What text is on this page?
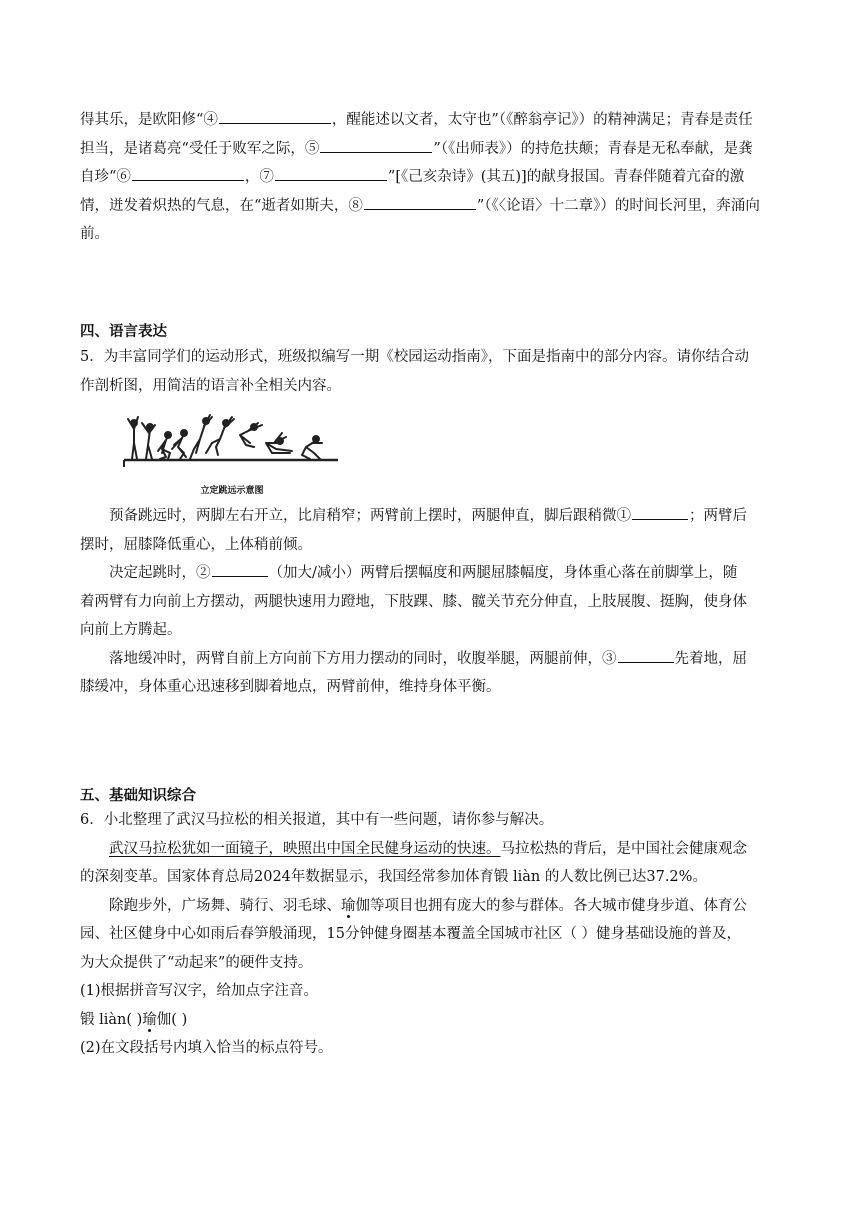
得其乐，是欧阳修“④	，醒能述以文者，太守也”（《醉翁亭记》）的精神满足；青春是责任

担当，是诸葛亮“受任于败军之际，⑤	”（《出师表》）的持危扶颠；青春是无私奉献，是龚

自珍“⑥	，⑦	”[《己亥杂诗》(其五)]的献身报国。青春伴随着亢奋的激

情，迸发着炽热的气息，在“逝者如斯夫，⑧	”（《〈论语〉十二章》）的时间长河里，奔涌向

前。

四、语言表达

5．为丰富同学们的运动形式，班级拟编写一期《校园运动指南》，下面是指南中的部分内容。请你结合动

作剖析图，用简洁的语言补全相关内容。

立定跳远示意图

预备跳远时，两脚左右开立，比肩稍窄；两臂前上摆时，两腿伸直，脚后跟稍微①	；两臂后

摆时，屈膝降低重心，上体稍前倾。

决定起跳时，②	（加大/减小）两臂后摆幅度和两腿屈膝幅度，身体重心落在前脚掌上，随

着两臂有力向前上方摆动，两腿快速用力蹬地，下肢踝、膝、髋关节充分伸直，上肢展腹、挺胸，使身体

向前上方腾起。

落地缓冲时，两臂自前上方向前下方用力摆动的同时，收腹举腿，两腿前伸，③	先着地，屈

膝缓冲，身体重心迅速移到脚着地点，两臂前伸，维持身体平衡。

五、基础知识综合

6．小北整理了武汉马拉松的相关报道，其中有一些问题，请你参与解决。

武汉马拉松犹如一面镜子，映照出中国全民健身运动的快速。马拉松热的背后，是中国社会健康观念

的深刻变革。国家体育总局2024年数据显示，我国经常参加体育锻 liàn 的人数比例已达37.2%。

除跑步外，广场舞、骑行、羽毛球、瑜伽等项目也拥有庞大的参与群体。各大城市健身步道、体育公

园、社区健身中心如雨后春笋般涌现，15分钟健身圈基本覆盖全国城市社区（ ）健身基础设施的普及，

为大众提供了“动起来”的硬件支持。

(1)根据拼音写汉字，给加点字注音。

锻 liàn( )瑜伽( )

(2)在文段括号内填入恰当的标点符号。
